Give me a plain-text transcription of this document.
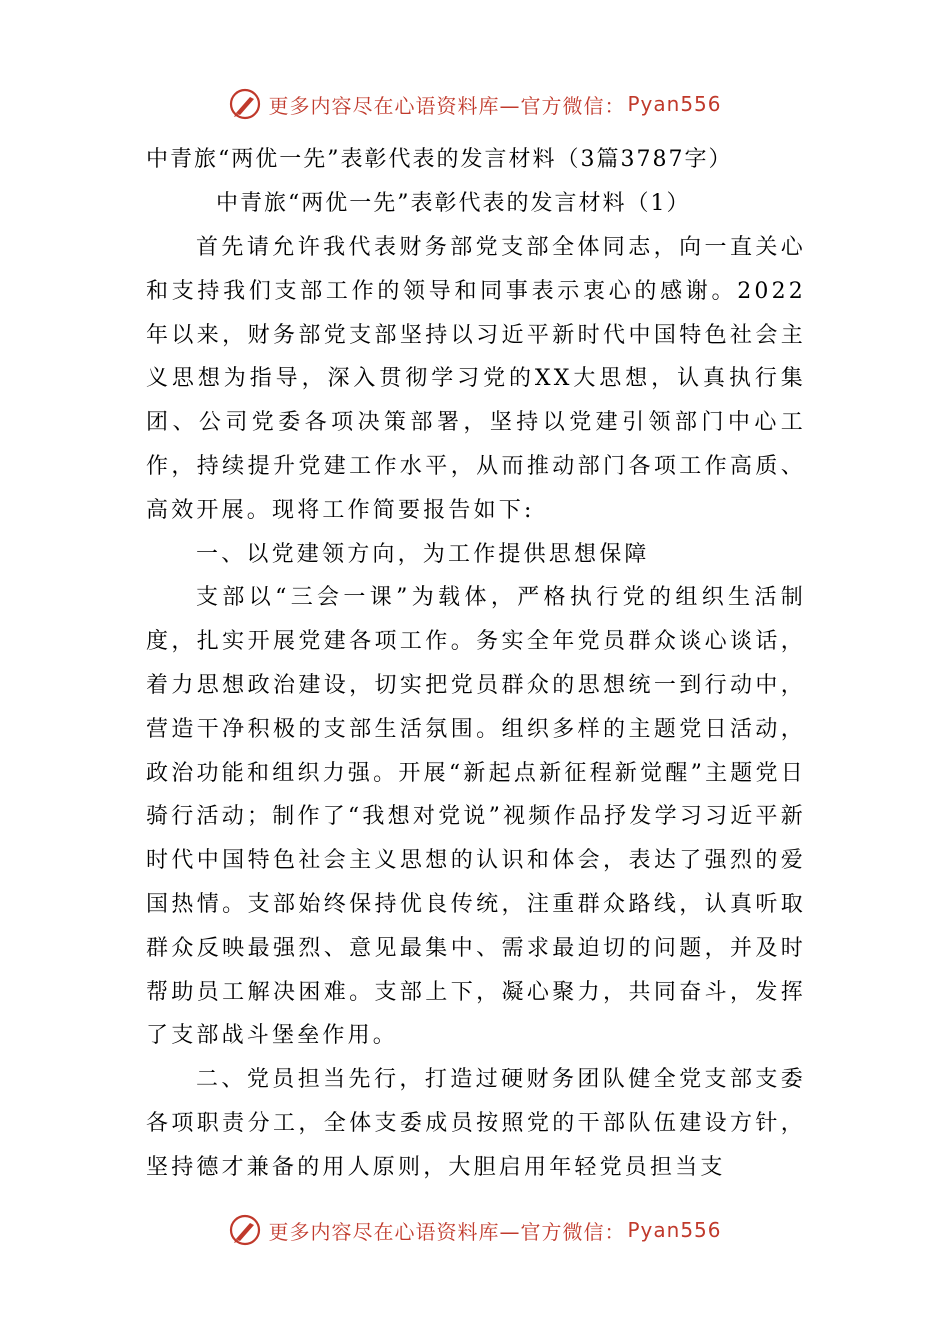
更多内容尽在心语资料库—官方微信： Pyan556
中青旅“两优一先”表彰代表的发言材料（3篇3787字）
中青旅“两优一先”表彰代表的发言材料（1）

首先请允许我代表财务部党支部全体同志，向一直关心和支持我们支部工作的领导和同事表示衷心的感谢。2022年以来，财务部党支部坚持以习近平新时代中国特色社会主义思想为指导，深入贯彻学习党的XX大思想，认真执行集团、公司党委各项决策部署，坚持以党建引领部门中心工作，持续提升党建工作水平，从而推动部门各项工作高质、高效开展。现将工作简要报告如下:

一、以党建领方向，为工作提供思想保障

支部以“三会一课”为载体，严格执行党的组织生活制度，扎实开展党建各项工作。务实全年党员群众谈心谈话，着力思想政治建设，切实把党员群众的思想统一到行动中，营造干净积极的支部生活氛围。组织多样的主题党日活动，政治功能和组织力强。开展“新起点新征程新觉醒”主题党日骑行活动；制作了“我想对党说”视频作品抒发学习习近平新时代中国特色社会主义思想的认识和体会，表达了强烈的爱国热情。支部始终保持优良传统，注重群众路线，认真听取群众反映最强烈、意见最集中、需求最迫切的问题，并及时帮助员工解决困难。支部上下，凝心聚力，共同奋斗，发挥了支部战斗堡垒作用。

二、党员担当先行，打造过硬财务团队健全党支部支委各项职责分工，全体支委成员按照党的干部队伍建设方针，坚持德才兼备的用人原则，大胆启用年轻党员担当支

更多内容尽在心语资料库—官方微信： Pyan556
